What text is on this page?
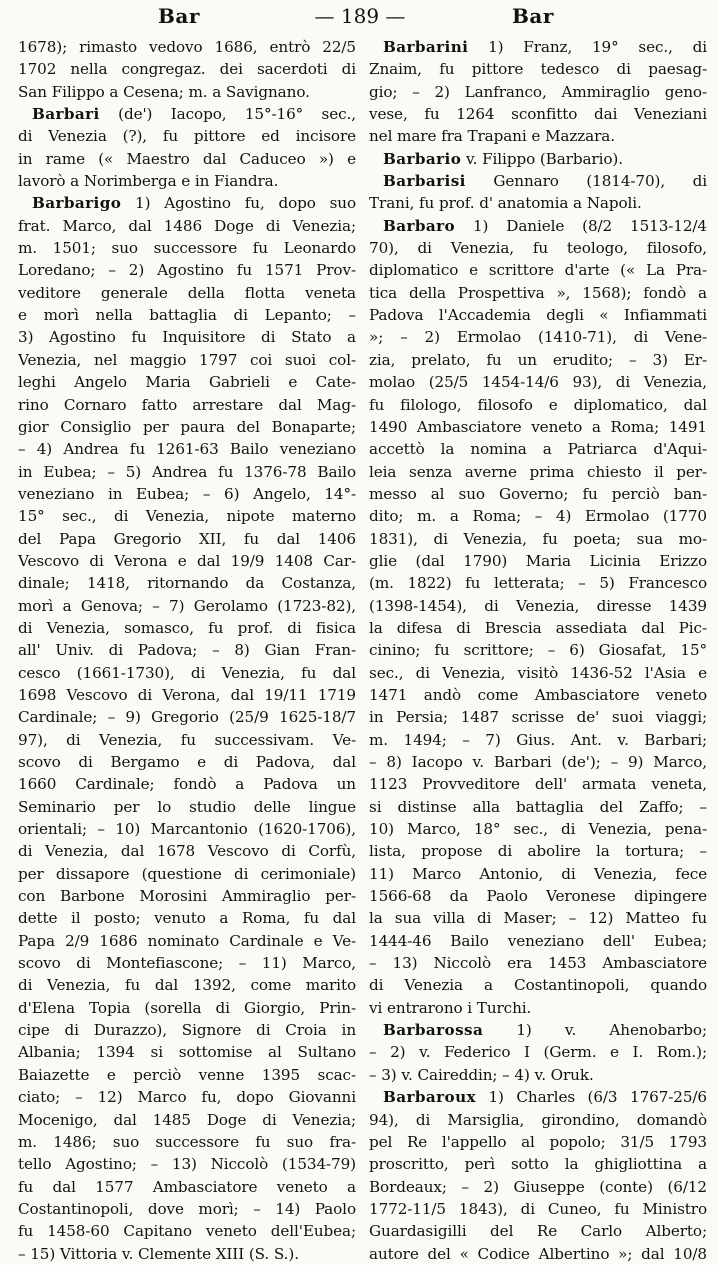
Bar	— 189 —	Bar
1678); rimasto vedovo 1686, entrò 22/5
1702 nella congregaz. dei sacerdoti di
San Filippo a Cesena; m. a Savignano.
Barbari (de') Iacopo, 15°-16° sec.,
di Venezia (?), fu pittore ed incisore
in rame (« Maestro dal Caduceo ») e
lavorò a Norimberga e in Fiandra.
Barbarigo 1) Agostino fu, dopo suo
frat. Marco, dal 1486 Doge di Venezia;
m. 1501; suo successore fu Leonardo
Loredano; – 2) Agostino fu 1571 Prov-
veditore generale della flotta veneta
e morì nella battaglia di Lepanto; –
3) Agostino fu Inquisitore di Stato a
Venezia, nel maggio 1797 coi suoi col-
leghi Angelo Maria Gabrieli e Cate-
rino Cornaro fatto arrestare dal Mag-
gior Consiglio per paura del Bonaparte;
– 4) Andrea fu 1261-63 Bailo veneziano
in Eubea; – 5) Andrea fu 1376-78 Bailo
veneziano in Eubea; – 6) Angelo, 14°-
15° sec., di Venezia, nipote materno
del Papa Gregorio XII, fu dal 1406
Vescovo di Verona e dal 19/9 1408 Car-
dinale; 1418, ritornando da Costanza,
morì a Genova; – 7) Gerolamo (1723-82),
di Venezia, somasco, fu prof. di fisica
all' Univ. di Padova; – 8) Gian Fran-
cesco (1661-1730), di Venezia, fu dal
1698 Vescovo di Verona, dal 19/11 1719
Cardinale; – 9) Gregorio (25/9 1625-18/7
97), di Venezia, fu successivam. Ve-
scovo di Bergamo e di Padova, dal
1660 Cardinale; fondò a Padova un
Seminario per lo studio delle lingue
orientali; – 10) Marcantonio (1620-1706),
di Venezia, dal 1678 Vescovo di Corfù,
per dissapore (questione di cerimoniale)
con Barbone Morosini Ammiraglio per-
dette il posto; venuto a Roma, fu dal
Papa 2/9 1686 nominato Cardinale e Ve-
scovo di Montefiascone; – 11) Marco,
di Venezia, fu dal 1392, come marito
d'Elena Topia (sorella di Giorgio, Prin-
cipe di Durazzo), Signore di Croia in
Albania; 1394 si sottomise al Sultano
Baiazette e perciò venne 1395 scac-
ciato; – 12) Marco fu, dopo Giovanni
Mocenigo, dal 1485 Doge di Venezia;
m. 1486; suo successore fu suo fra-
tello Agostino; – 13) Niccolò (1534-79)
fu dal 1577 Ambasciatore veneto a
Costantinopoli, dove morì; – 14) Paolo
fu 1458-60 Capitano veneto dell'Eubea;
– 15) Vittoria v. Clemente XIII (S. S.).
Barbarini 1) Franz, 19° sec., di
Znaim, fu pittore tedesco di paesag-
gio; – 2) Lanfranco, Ammiraglio geno-
vese, fu 1264 sconfitto dai Veneziani
nel mare fra Trapani e Mazzara.
Barbario v. Filippo (Barbario).
Barbarisi Gennaro (1814-70), di
Trani, fu prof. d' anatomia a Napoli.
Barbaro 1) Daniele (8/2 1513-12/4
70), di Venezia, fu teologo, filosofo,
diplomatico e scrittore d'arte (« La Pra-
tica della Prospettiva », 1568); fondò a
Padova l'Accademia degli « Infiammati
»; – 2) Ermolao (1410-71), di Vene-
zia, prelato, fu un erudito; – 3) Er-
molao (25/5 1454-14/6 93), di Venezia,
fu filologo, filosofo e diplomatico, dal
1490 Ambasciatore veneto a Roma; 1491
accettò la nomina a Patriarca d'Aqui-
leia senza averne prima chiesto il per-
messo al suo Governo; fu perciò ban-
dito; m. a Roma; – 4) Ermolao (1770
1831), di Venezia, fu poeta; sua mo-
glie (dal 1790) Maria Licinia Erizzo
(m. 1822) fu letterata; – 5) Francesco
(1398-1454), di Venezia, diresse 1439
la difesa di Brescia assediata dal Pic-
cinino; fu scrittore; – 6) Giosafat, 15°
sec., di Venezia, visitò 1436-52 l'Asia e
1471 andò come Ambasciatore veneto
in Persia; 1487 scrisse de' suoi viaggi;
m. 1494; – 7) Gius. Ant. v. Barbari;
– 8) Iacopo v. Barbari (de'); – 9) Marco,
1123 Provveditore dell' armata veneta,
si distinse alla battaglia del Zaffo; –
10) Marco, 18° sec., di Venezia, pena-
lista, propose di abolire la tortura; –
11) Marco Antonio, di Venezia, fece
1566-68 da Paolo Veronese dipingere
la sua villa di Maser; – 12) Matteo fu
1444-46 Bailo veneziano dell' Eubea;
– 13) Niccolò era 1453 Ambasciatore
di Venezia a Costantinopoli, quando
vi entrarono i Turchi.
Barbarossa 1) v. Ahenobarbo;
– 2) v. Federico I (Germ. e I. Rom.);
– 3) v. Caireddin; – 4) v. Oruk.
Barbaroux 1) Charles (6/3 1767-25/6
94), di Marsiglia, girondino, domandò
pel Re l'appello al popolo; 31/5 1793
proscritto, perì sotto la ghigliottina a
Bordeaux; – 2) Giuseppe (conte) (6/12
1772-11/5 1843), di Cuneo, fu Ministro
Guardasigilli del Re Carlo Alberto;
autore del « Codice Albertino »; dal 10/8
